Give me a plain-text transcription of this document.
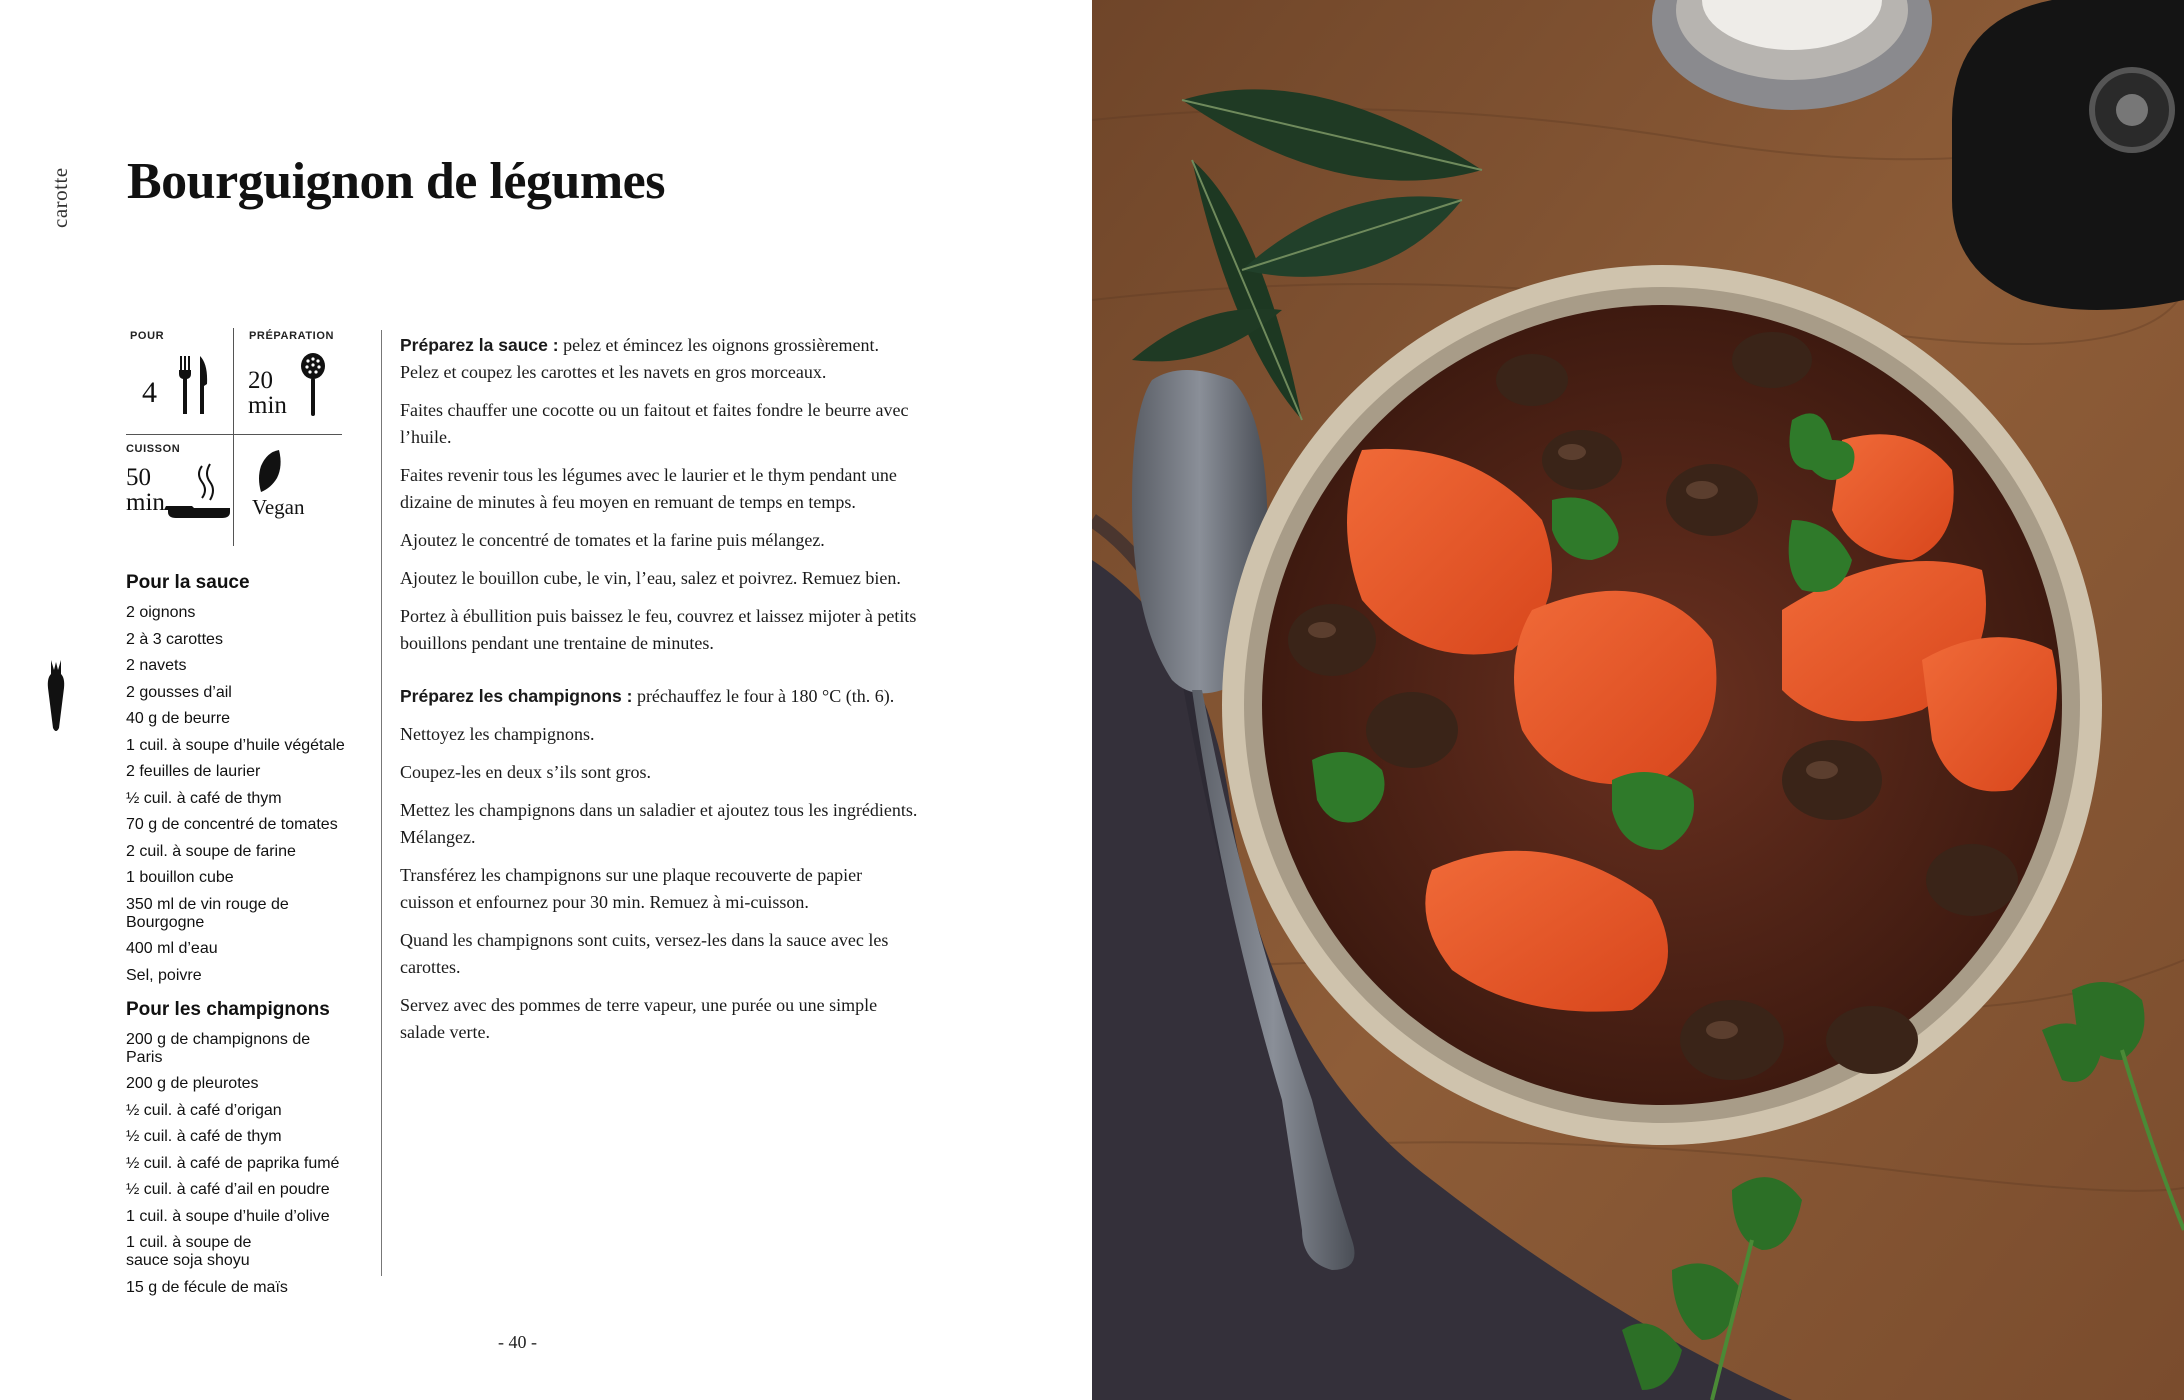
carotte Bourguignon de légumes
POUR
4
PRÉPARATION
20
min
CUISSON
50
min	Vegan
Pour la sauce
2 oignons
2 à 3 carottes
2 navets
2 gousses d’ail
40 g de beurre
1 cuil. à soupe d’huile végétale
2 feuilles de laurier
½ cuil. à café de thym
70 g de concentré de tomates
2 cuil. à soupe de farine
1 bouillon cube
350 ml de vin rouge de Bourgogne
400 ml d’eau
Sel, poivre
Pour les champignons
200 g de champignons de Paris
200 g de pleurotes
½ cuil. à café d’origan
½ cuil. à café de thym
½ cuil. à café de paprika fumé
½ cuil. à café d’ail en poudre
1 cuil. à soupe d’huile d’olive
1 cuil. à soupe de sauce soja shoyu
15 g de fécule de maïs

Préparez la sauce : pelez et émincez les oignons grossièrement. Pelez et coupez les carottes et les navets en gros morceaux.

Faites chauffer une cocotte ou un faitout et faites fondre le beurre avec l’huile.

Faites revenir tous les légumes avec le laurier et le thym pendant une dizaine de minutes à feu moyen en remuant de temps en temps.

Ajoutez le concentré de tomates et la farine puis mélangez.

Ajoutez le bouillon cube, le vin, l’eau, salez et poivrez. Remuez bien.

Portez à ébullition puis baissez le feu, couvrez et laissez mijoter à petits bouillons pendant une trentaine de minutes.

Préparez les champignons : préchauffez le four à 180 °C (th. 6).

Nettoyez les champignons.

Coupez-les en deux s’ils sont gros.

Mettez les champignons dans un saladier et ajoutez tous les ingrédients. Mélangez.

Transférez les champignons sur une plaque recouverte de papier cuisson et enfournez pour 30 min. Remuez à mi-cuisson.

Quand les champignons sont cuits, versez-les dans la sauce avec les carottes.

Servez avec des pommes de terre vapeur, une purée ou une simple salade verte.

- 40 -
